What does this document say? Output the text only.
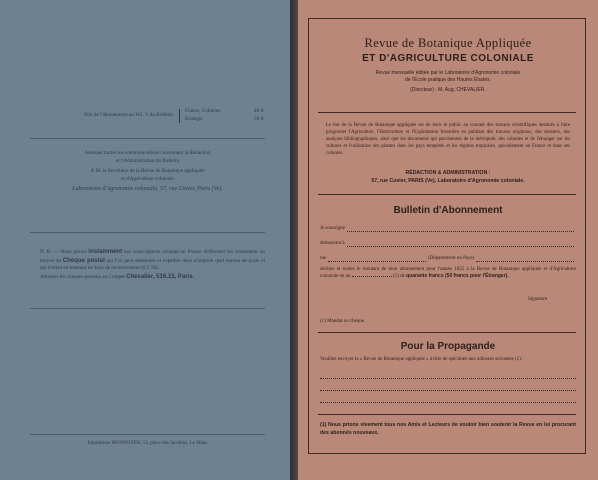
Prix de l'abonnement au Vol. V du Bulletin
France, Colonies	40 fr.
Étranger	50 fr.
Adresser toutes les communications concernant la Rédaction
et l'Administration du Bulletin
À M. le Secrétaire de la Revue de Botanique appliquée
et d'Agriculture coloniale
Laboratoire d'Agronomie coloniale, 57, rue Cuvier, Paris (Ve).
N. B. — Nous prions instamment nos souscripteurs résidant en France d'effectuer les versements au moyen du Chèque postal qui l'on peut demander et expédier dans n'importe quel bureau de poste et qui évitent en retenant les frais de recouvrement (0 f. 50).
Adresser les chèques postaux au Compte Chevalier, 516.15, Paris.
Imprimerie MONNOYER, 12, place des Jacobins, Le Mans
Revue de Botanique Appliquée
ET D'AGRICULTURE COLONIALE
Revue mensuelle éditée par le Laboratoire d'Agronomie coloniale
de l'École pratique des Hautes Études.
(Directeur) : M. Aug. CHEVALIER.
Le but de la Revue de Botanique appliquée est de tenir le public au courant des travaux scientifiques destinés à faire progresser l'Agriculture, l'Horticulture et l'Exploitation forestière en publiant des travaux originaux, des dossiers, des analyses bibliographiques, ainsi que les documents qui parviennent de la métropole, des colonies et de l'étranger sur les cultures et l'utilisation des plantes dans les pays tempérés et les régions tropicales, spécialement en France et dans ses colonies.
RÉDACTION & ADMINISTRATION :
57, rue Cuvier, PARIS (Ve), Laboratoire d'Agronomie coloniale.
Bulletin d'Abonnement
Je soussigné
demeurant à
rue	(Département ou Pays)
déclare et toutes le montant de mon abonnement pour l'année 1925 à la Revue de Botanique appliquée et d'Agriculture coloniale en un	(1) de quarante francs (50 francs pour l'Étranger).
Signature
(1) Mandat ou chèque.
Pour la Propagande
Veuillez envoyer la « Revue de Botanique appliquée » à titre de spécimen aux adresses suivantes (1) :
(1) Nous prions vivement tous nos Amis et Lecteurs de vouloir bien soutenir la Revue en lui procurant des abonnés nouveaux.
